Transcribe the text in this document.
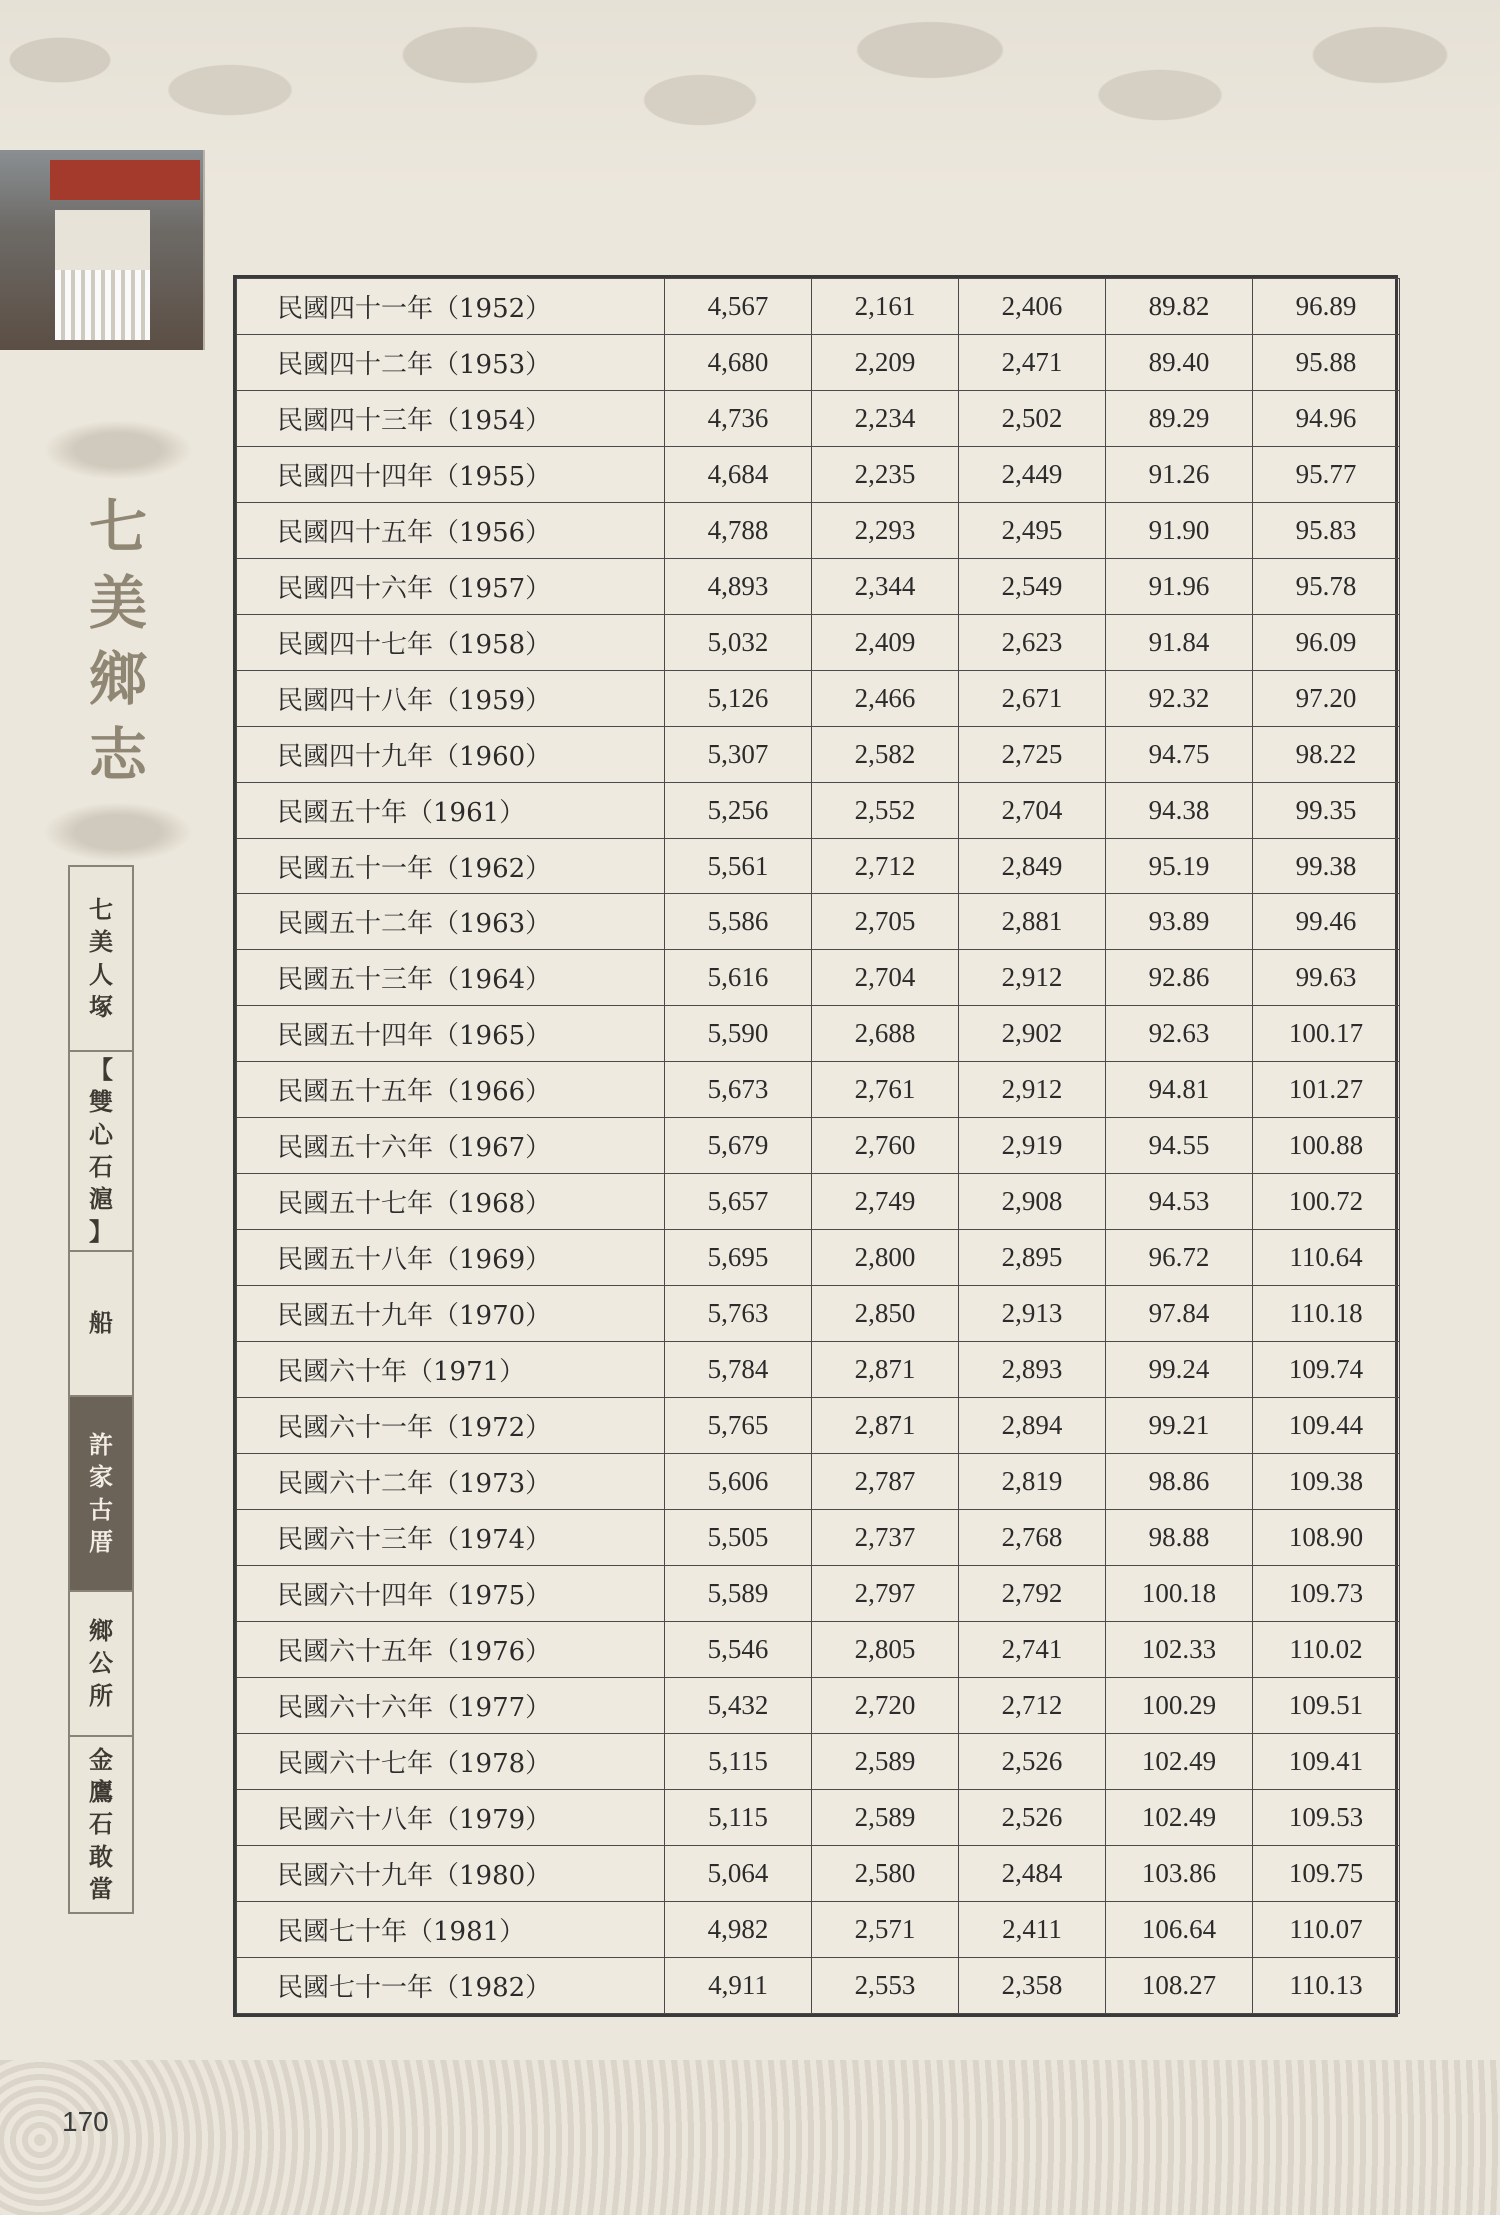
七
美
鄉
志
七
美
人
塚
【
雙
心
石
滬
】
船
許
家
古
厝
鄉
公
所
金
鷹
石
敢
當
民國四十一年（1952）	4,567	2,161	2,406	89.82	96.89
民國四十二年（1953）	4,680	2,209	2,471	89.40	95.88
民國四十三年（1954）	4,736	2,234	2,502	89.29	94.96
民國四十四年（1955）	4,684	2,235	2,449	91.26	95.77
民國四十五年（1956）	4,788	2,293	2,495	91.90	95.83
民國四十六年（1957）	4,893	2,344	2,549	91.96	95.78
民國四十七年（1958）	5,032	2,409	2,623	91.84	96.09
民國四十八年（1959）	5,126	2,466	2,671	92.32	97.20
民國四十九年（1960）	5,307	2,582	2,725	94.75	98.22
民國五十年（1961）	5,256	2,552	2,704	94.38	99.35
民國五十一年（1962）	5,561	2,712	2,849	95.19	99.38
民國五十二年（1963）	5,586	2,705	2,881	93.89	99.46
民國五十三年（1964）	5,616	2,704	2,912	92.86	99.63
民國五十四年（1965）	5,590	2,688	2,902	92.63	100.17
民國五十五年（1966）	5,673	2,761	2,912	94.81	101.27
民國五十六年（1967）	5,679	2,760	2,919	94.55	100.88
民國五十七年（1968）	5,657	2,749	2,908	94.53	100.72
民國五十八年（1969）	5,695	2,800	2,895	96.72	110.64
民國五十九年（1970）	5,763	2,850	2,913	97.84	110.18
民國六十年（1971）	5,784	2,871	2,893	99.24	109.74
民國六十一年（1972）	5,765	2,871	2,894	99.21	109.44
民國六十二年（1973）	5,606	2,787	2,819	98.86	109.38
民國六十三年（1974）	5,505	2,737	2,768	98.88	108.90
民國六十四年（1975）	5,589	2,797	2,792	100.18	109.73
民國六十五年（1976）	5,546	2,805	2,741	102.33	110.02
民國六十六年（1977）	5,432	2,720	2,712	100.29	109.51
民國六十七年（1978）	5,115	2,589	2,526	102.49	109.41
民國六十八年（1979）	5,115	2,589	2,526	102.49	109.53
民國六十九年（1980）	5,064	2,580	2,484	103.86	109.75
民國七十年（1981）	4,982	2,571	2,411	106.64	110.07
民國七十一年（1982）	4,911	2,553	2,358	108.27	110.13
170
